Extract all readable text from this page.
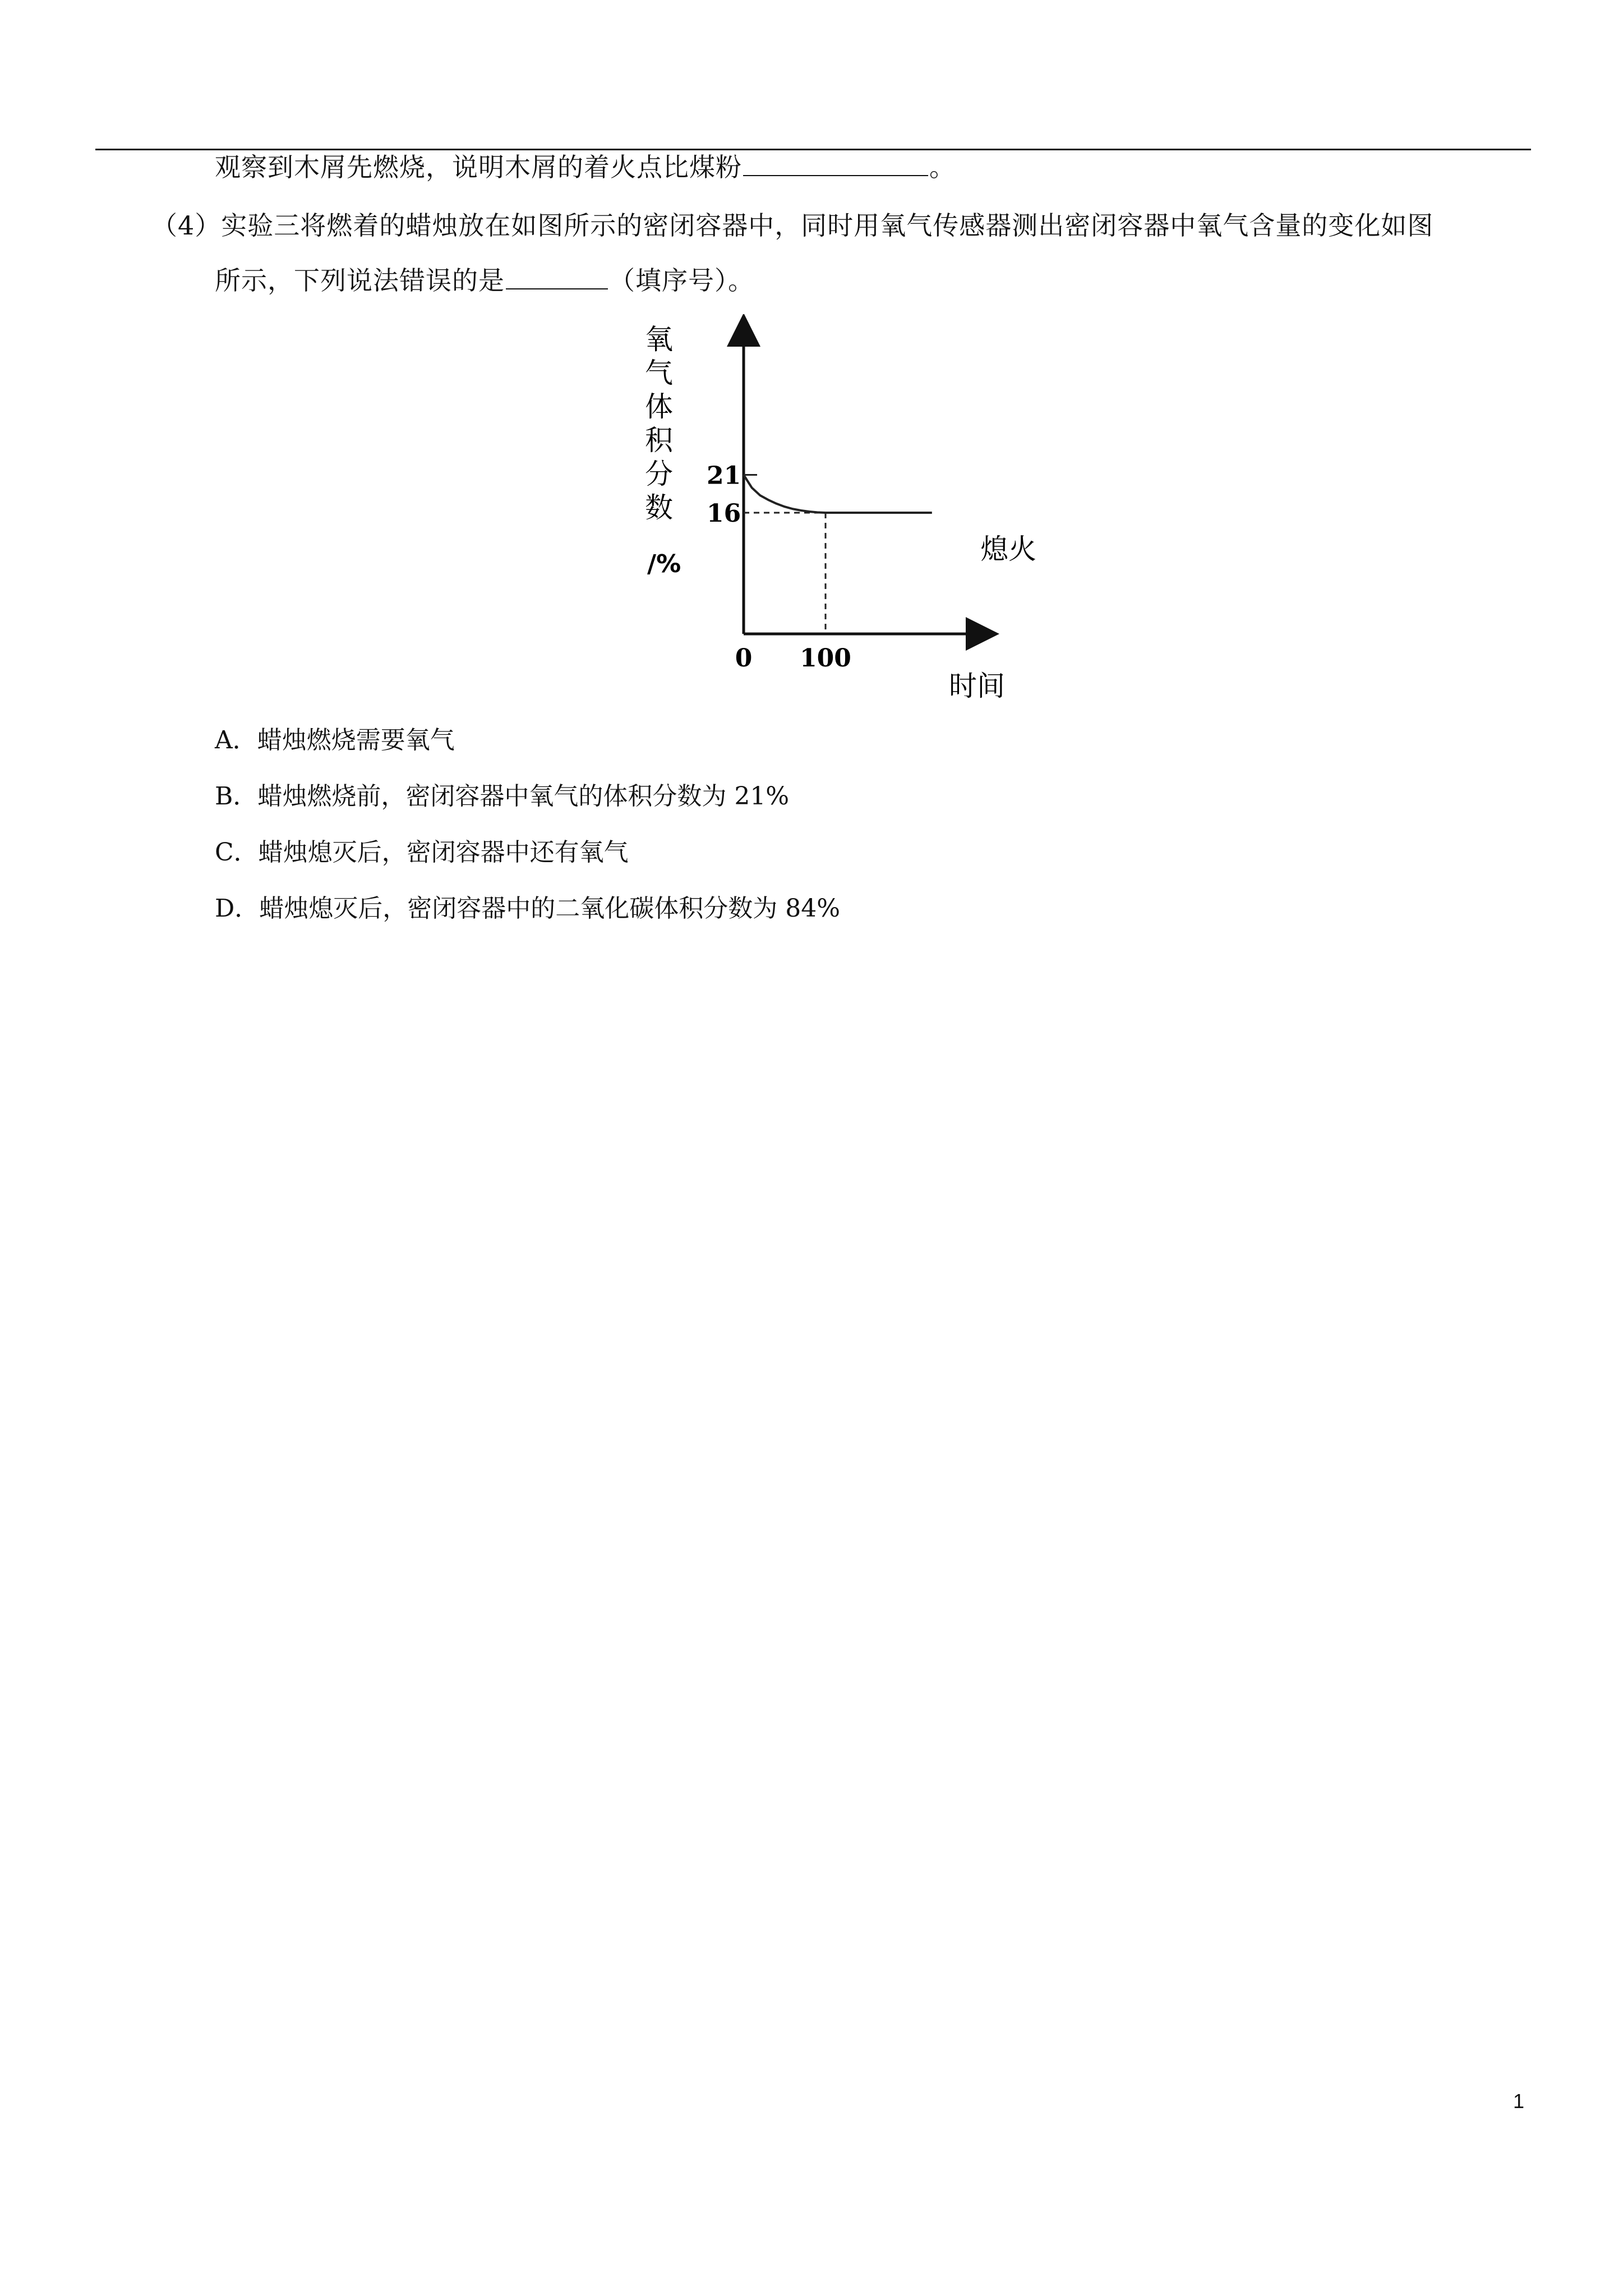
观察到木屑先燃烧，说明木屑的着火点比煤粉	。
（4）实验三将燃着的蜡烛放在如图所示的密闭容器中，同时用氧气传感器测出密闭容器中氧气含量的变化如图
所示，下列说法错误的是	（填序号）。
氧
气
体
积
分
数
/%
21
16
0 100
熄火
时间
A．蜡烛燃烧需要氧气
B．蜡烛燃烧前，密闭容器中氧气的体积分数为 21%
C．蜡烛熄灭后，密闭容器中还有氧气
D．蜡烛熄灭后，密闭容器中的二氧化碳体积分数为 84%
1
